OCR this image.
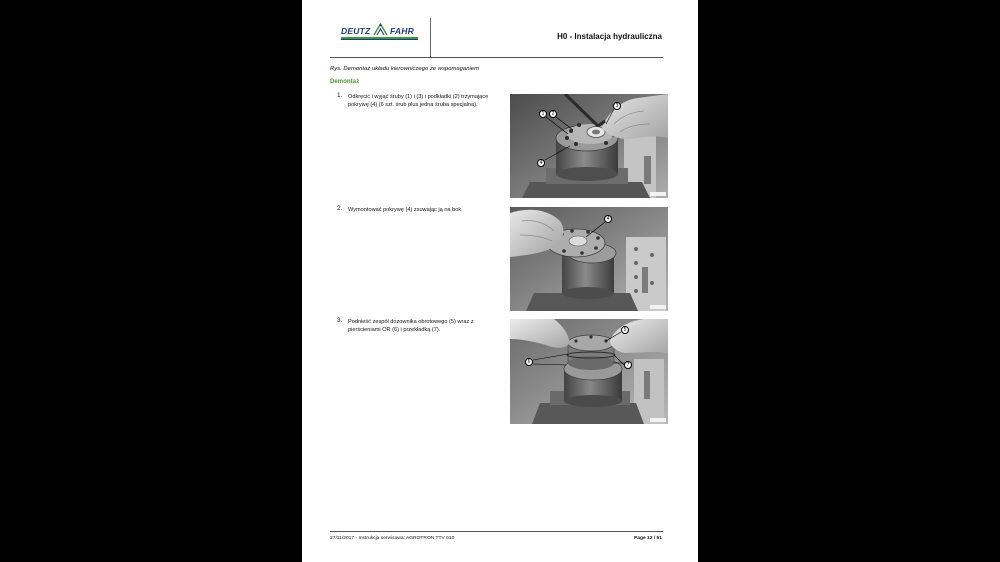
DEUTZ FAHR
H0 - Instalacja hydrauliczna
Rys. Demontaż układu kierowniczego ze wspomaganiem
Demontaż
1. Odkręcić i wyjąć śruby (1) i (3) i podkładki (2) trzymające
pokrywę (4) (6 szt. śrub plus jedna śruba specjalna).
1	2
3
4
2. Wymontować pokrywę (4) zsuwając ją na bok.
4
3. Podnieść zespół dozownika obrotowego (5) wraz z
pierścieniami OR (6) i przekładką (7).	5
6	7
27/11/2017 - Instrukcja serwisowa: AGROTRON TTV 610	Page 12 / 51
